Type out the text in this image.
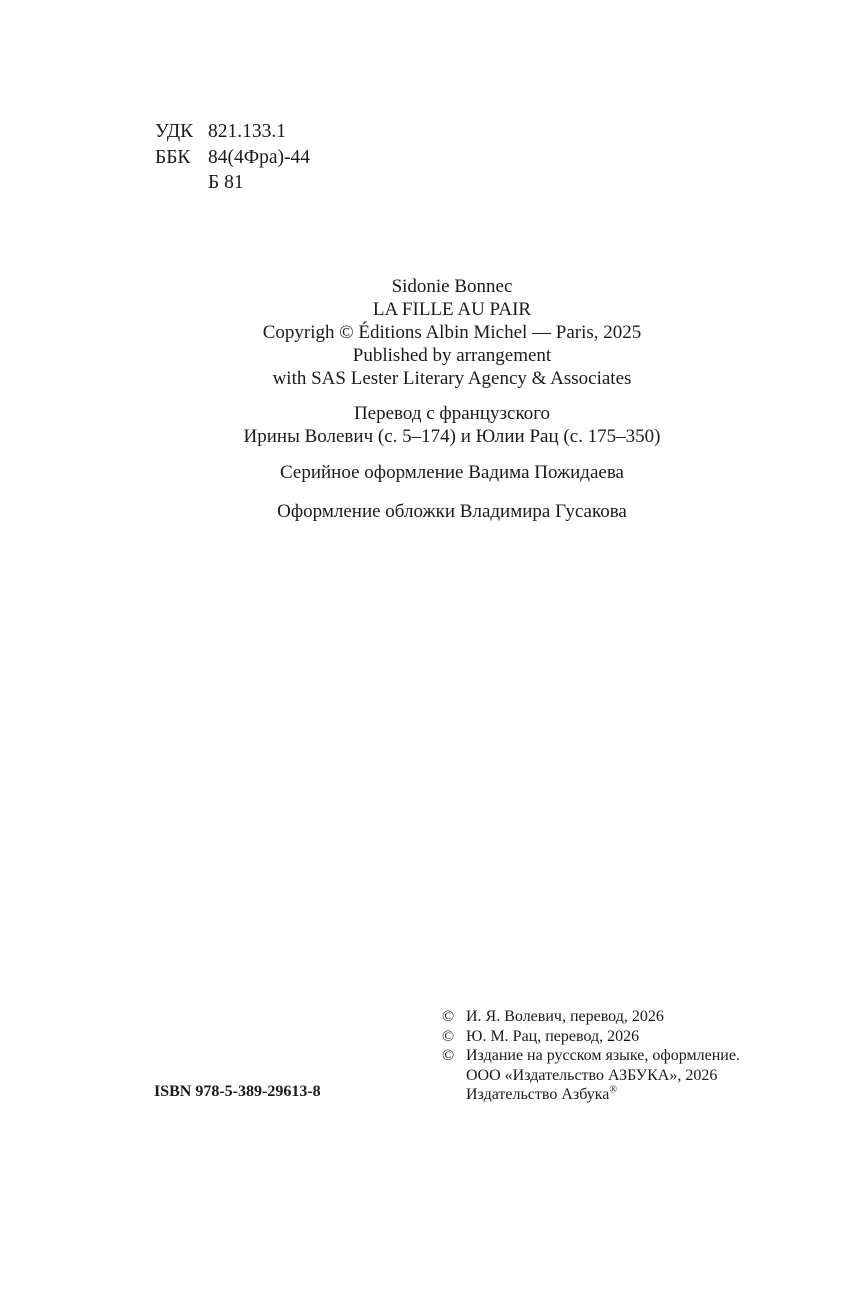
УДК 821.133.1
ББК 84(4Фра)-44
Б 81
Sidonie Bonnec
LA FILLE AU PAIR
Copyrigh © Éditions Albin Michel — Paris, 2025
Published by arrangement
with SAS Lester Literary Agency & Associates
Перевод с французского
Ирины Волевич (с. 5–174) и Юлии Рац (с. 175–350)
Серийное оформление Вадима Пожидаева
Оформление обложки Владимира Гусакова
© И. Я. Волевич, перевод, 2026
© Ю. М. Рац, перевод, 2026
© Издание на русском языке, оформление.
ООО «Издательство АЗБУКА», 2026
Издательство Азбука®
ISBN 978-5-389-29613-8
